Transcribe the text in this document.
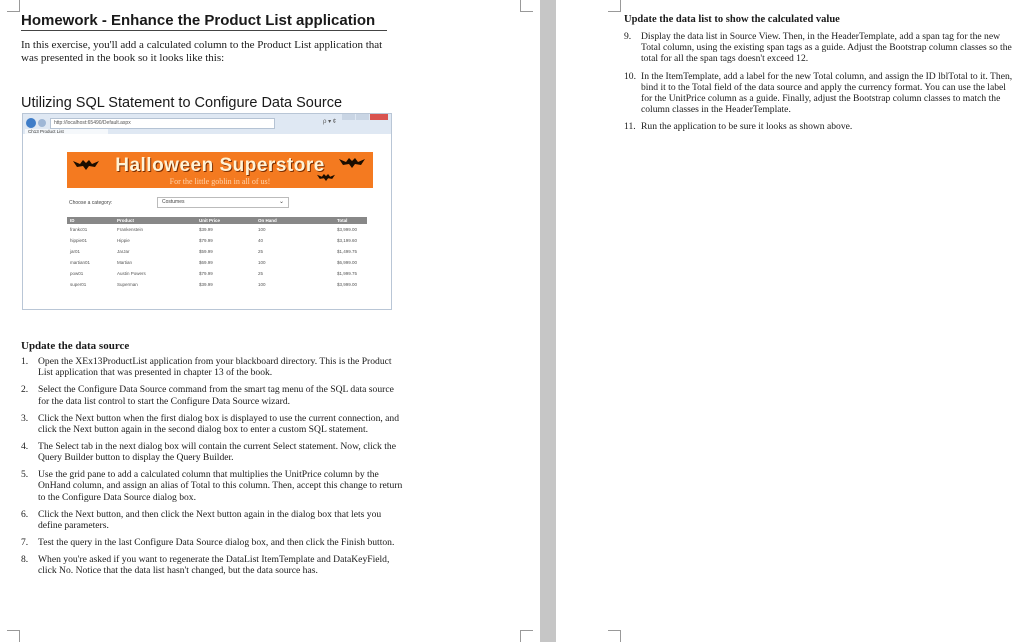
Homework - Enhance the Product List application
In this exercise, you'll add a calculated column to the Product List application that was presented in the book so it looks like this:
Utilizing SQL Statement to Configure Data Source
http://localhost:65490/Default.aspx	ρ ▾ ¢
Ch13 Product List
Halloween Superstore
For the little goblin in all of us!
Choose a category:	Costumes	⌄
ID	Product	Unit Price	On Hand	Total
frankc01	Frankenstein	$39.99	100	$3,999.00
hippie01	Hippie	$79.99	40	$3,199.60
jar01	JarJar	$59.99	25	$1,499.75
martian01	Martian	$69.99	100	$6,999.00
pow01	Austin Powers	$79.99	25	$1,999.75
super01	Superman	$39.99	100	$3,999.00
Update the data source
1. Open the XEx13ProductList application from your blackboard directory. This is the Product List application that was presented in chapter 13 of the book.
2. Select the Configure Data Source command from the smart tag menu of the SQL data source for the data list control to start the Configure Data Source wizard.
3. Click the Next button when the first dialog box is displayed to use the current connection, and click the Next button again in the second dialog box to enter a custom SQL statement.
4. The Select tab in the next dialog box will contain the current Select statement. Now, click the Query Builder button to display the Query Builder.
5. Use the grid pane to add a calculated column that multiplies the UnitPrice column by the OnHand column, and assign an alias of Total to this column. Then, accept this change to return to the Configure Data Source dialog box.
6. Click the Next button, and then click the Next button again in the dialog box that lets you define parameters.
7. Test the query in the last Configure Data Source dialog box, and then click the Finish button.
8. When you're asked if you want to regenerate the DataList ItemTemplate and DataKeyField, click No. Notice that the data list hasn't changed, but the data source has.
Update the data list to show the calculated value
9. Display the data list in Source View. Then, in the HeaderTemplate, add a span tag for the new Total column, using the existing span tags as a guide. Adjust the Bootstrap column classes so the total for all the span tags doesn't exceed 12.
10. In the ItemTemplate, add a label for the new Total column, and assign the ID lblTotal to it. Then, bind it to the Total field of the data source and apply the currency format. You can use the label for the UnitPrice column as a guide. Finally, adjust the Bootstrap column classes to match the column classes in the HeaderTemplate.
11. Run the application to be sure it looks as shown above.
